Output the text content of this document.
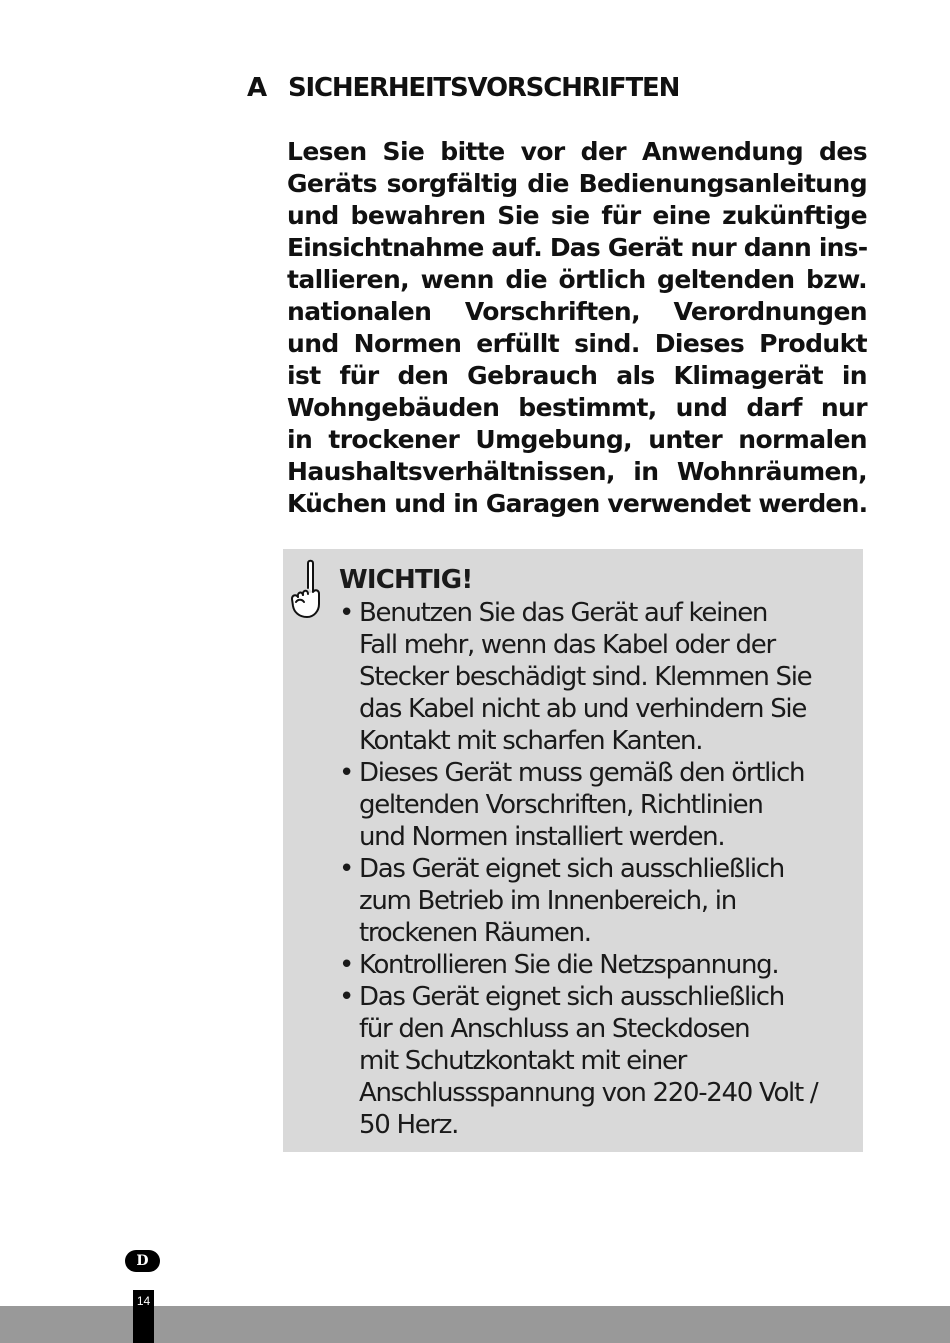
A SICHERHEITSVORSCHRIFTEN
Lesen Sie bitte vor der Anwendung des
Geräts sorgfältig die Bedienungsanleitung
und bewahren Sie sie für eine zukünftige
Einsichtnahme auf. Das Gerät nur dann ins-
tallieren, wenn die örtlich geltenden bzw.
nationalen Vorschriften, Verordnungen
und Normen erfüllt sind. Dieses Produkt
ist für den Gebrauch als Klimagerät in
Wohngebäuden bestimmt, und darf nur
in trockener Umgebung, unter normalen
Haushaltsverhältnissen, in Wohnräumen,
Küchen und in Garagen verwendet werden.
WICHTIG!
• Benutzen Sie das Gerät auf keinen
Fall mehr, wenn das Kabel oder der
Stecker beschädigt sind. Klemmen Sie
das Kabel nicht ab und verhindern Sie
Kontakt mit scharfen Kanten.
• Dieses Gerät muss gemäß den örtlich
geltenden Vorschriften, Richtlinien
und Normen installiert werden.
• Das Gerät eignet sich ausschließlich
zum Betrieb im Innenbereich, in
trockenen Räumen.
• Kontrollieren Sie die Netzspannung.
• Das Gerät eignet sich ausschließlich
für den Anschluss an Steckdosen
mit Schutzkontakt mit einer
Anschlussspannung von 220-240 Volt /
50 Herz.
D
14
